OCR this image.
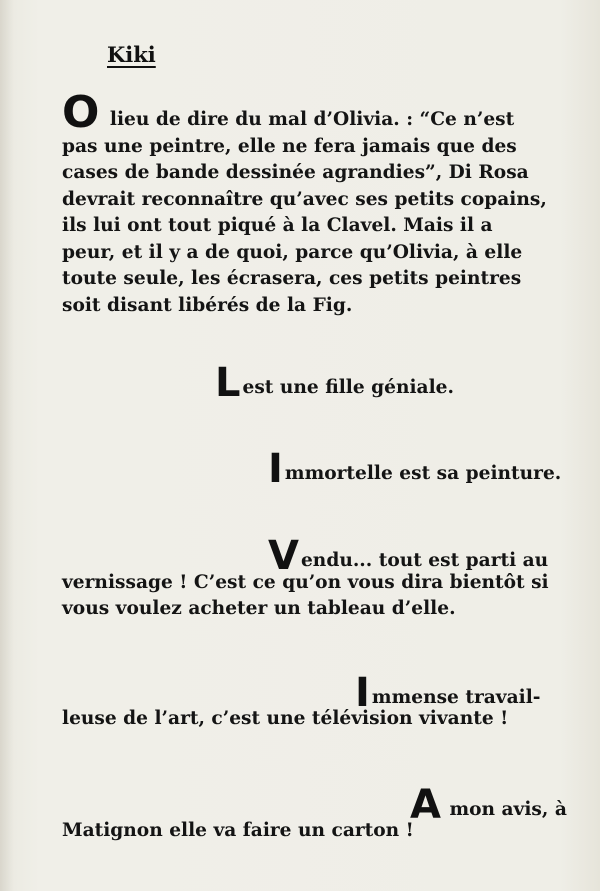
Kiki

O lieu de dire du mal d’Olivia. : “Ce n’est
pas une peintre, elle ne fera jamais que des
cases de bande dessinée agrandies”, Di Rosa
devrait reconnaître qu’avec ses petits copains,
ils lui ont tout piqué à la Clavel. Mais il a
peur, et il y a de quoi, parce qu’Olivia, à elle
toute seule, les écrasera, ces petits peintres
soit disant libérés de la Fig.

Lest une fille géniale.

Immortelle est sa peinture.

Vendu... tout est parti au

vernissage ! C’est ce qu’on vous dira bientôt si

vous voulez acheter un tableau d’elle.

Immense travail-

leuse de l’art, c’est une télévision vivante !

A mon avis, à

Matignon elle va faire un carton !
